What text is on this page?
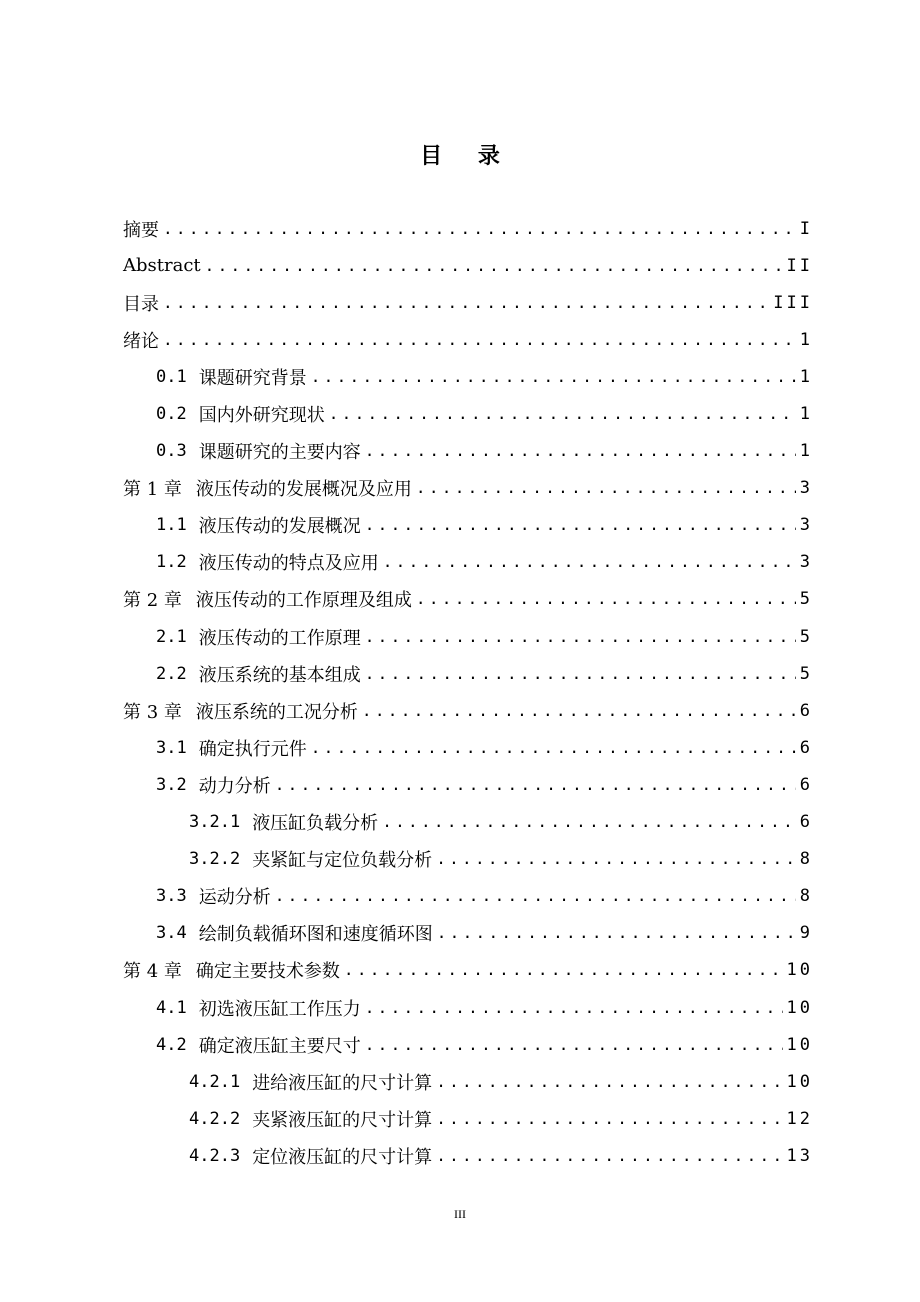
目 录
摘要 .....	I
Abstract .....	II
目录 .....	III
绪论 .....	1
0.1 课题研究背景 .....	1
0.2 国内外研究现状 .....	1
0.3 课题研究的主要内容 .....	1
第 1 章 液压传动的发展概况及应用 .....	3
1.1 液压传动的发展概况 .....	3
1.2 液压传动的特点及应用 .....	3
第 2 章 液压传动的工作原理及组成 .....	5
2.1 液压传动的工作原理 .....	5
2.2 液压系统的基本组成 .....	5
第 3 章 液压系统的工况分析 .....	6
3.1 确定执行元件 .....	6
3.2 动力分析 .....	6
3.2.1 液压缸负载分析 .....	6
3.2.2 夹紧缸与定位负载分析 .....	8
3.3 运动分析 .....	8
3.4 绘制负载循环图和速度循环图 .....	9
第 4 章 确定主要技术参数 .....	10
4.1 初选液压缸工作压力 .....	10
4.2 确定液压缸主要尺寸 .....	10
4.2.1 进给液压缸的尺寸计算 .....	10
4.2.2 夹紧液压缸的尺寸计算 .....	12
4.2.3 定位液压缸的尺寸计算 .....	13
III
